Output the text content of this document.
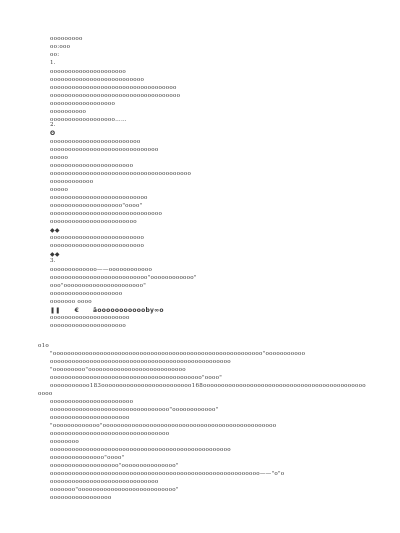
ooooooooo
oo:ooo
oo:
1.
ooooooooooooooooooooo
oooooooooooooooooooooooooo
ooooooooooooooooooooooooooooooooooo
oooooooooooooooooooooooooooooooooooo
oooooooooooooooooo
oooooooooo
oooooooooooooooooo……
2.
ʘ
ooooooooooooooooooooooooo
oooooooooooooooooooooooooooooo
ooooo
ooooooooooooooooooooooo
ooooooooooooooooooooooooooooooooooooooo
oooooooooooo
ooooo
ooooooooooooooooooooooooooo
oooooooooooooooooooo"oooo"
ooooooooooooooooooooooooooooooo
oooooooooooooooooooooooo
◆◆
oooooooooooooooooooooooooo
oooooooooooooooooooooooooo
◆◆
3.
ooooooooooooo——oooooooooooo
ooooooooooooooooooooooooooo"oooooooooooo"
ooo"oooooooooooooooooooooo"
oooooooooooooooooooo
ooooooo oooo
❚❚      €      ȁoooooooooooby∞o
oooooooooooooooooooooo
ooooooooooooooooooooo
o1o
"oooooooooooooooooooooooooooooooooooooooooooooooooooooooooo"ooooooooooo
oooooooooooooooooooooooooooooooooooooooooooooooooo
"ooooooooo"ooooooooooooooooooooooooooo
oooooooooooooooooooooooooooooooooooooooooo"oooo"
ooooooooooo183ooooooooooooooooooooooooo168ooooooooooooooooooooooooooooooooooooooooooooo
oooo
ooooooooooooooooooooooo
ooooooooooooooooooooooooooooooooo"oooooooooooo"
oooooooooooooooooooooo
"ooooooooooooo"oooooooooooooooooooooooooooooooooooooooooooooooo
ooooooooooooooooooooooooooooooooo
oooooooo
oooooooooooooooooooooooooooooooooooooooooooooooooo
ooooooooooooooo"oooo"
ooooooooooooooooooo"ooooooooooooooo"
oooooooooooooooooooooooooooooooooooooooooooooooooooooooooo——"o"o
oooooooooooooooooooooooooooooo
ooooooo"ooooooooooooooooooooooooooo"
ooooooooooooooooo
